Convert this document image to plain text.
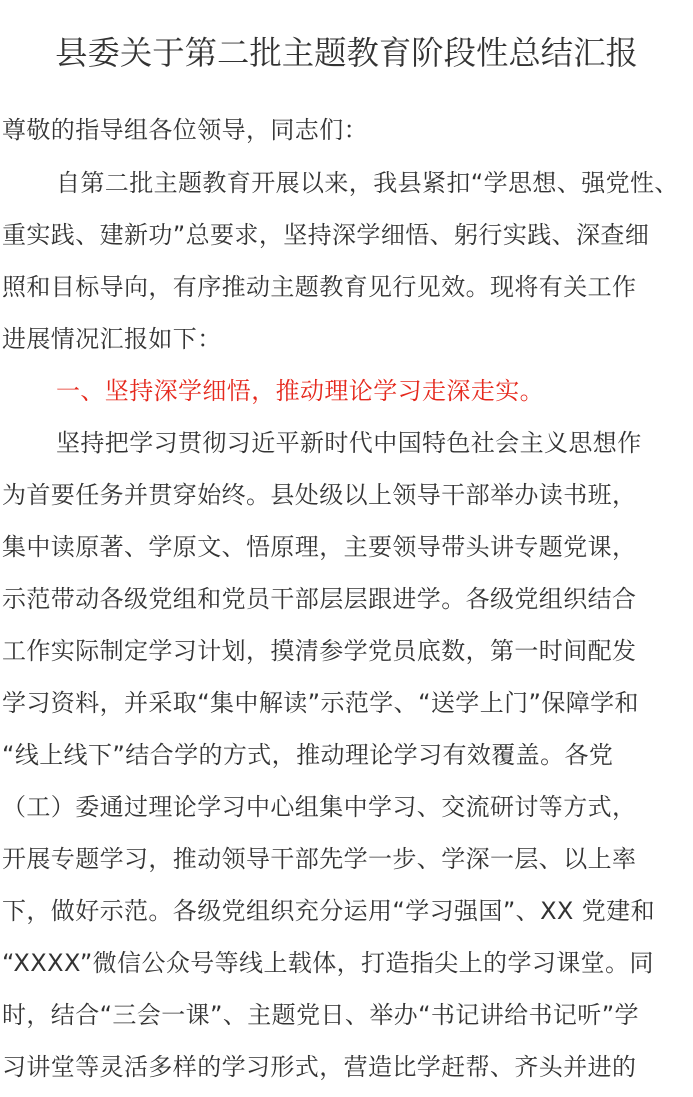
县委关于第二批主题教育阶段性总结汇报
尊敬的指导组各位领导，同志们：
自第二批主题教育开展以来，我县紧扣“学思想、强党性、
重实践、建新功”总要求，坚持深学细悟、躬行实践、深查细
照和目标导向，有序推动主题教育见行见效。现将有关工作
进展情况汇报如下：
一、坚持深学细悟，推动理论学习走深走实。
坚持把学习贯彻习近平新时代中国特色社会主义思想作
为首要任务并贯穿始终。县处级以上领导干部举办读书班，
集中读原著、学原文、悟原理，主要领导带头讲专题党课，
示范带动各级党组和党员干部层层跟进学。各级党组织结合
工作实际制定学习计划，摸清参学党员底数，第一时间配发
学习资料，并采取“集中解读”示范学、“送学上门”保障学和
“线上线下”结合学的方式，推动理论学习有效覆盖。各党
（工）委通过理论学习中心组集中学习、交流研讨等方式，
开展专题学习，推动领导干部先学一步、学深一层、以上率
下，做好示范。各级党组织充分运用“学习强国”、XX 党建和
“XXXX”微信公众号等线上载体，打造指尖上的学习课堂。同
时，结合“三会一课”、主题党日、举办“书记讲给书记听”学
习讲堂等灵活多样的学习形式，营造比学赶帮、齐头并进的
